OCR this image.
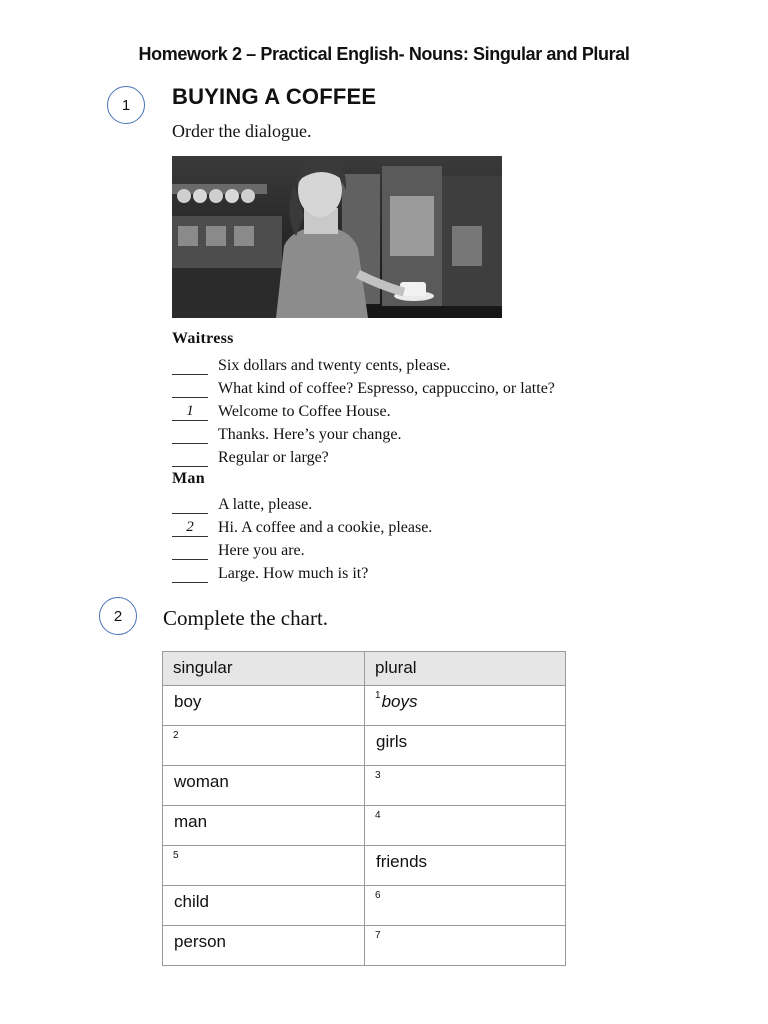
Homework 2 – Practical English- Nouns: Singular and Plural
1	BUYING A COFFEE
Order the dialogue.
Waitress
Six dollars and twenty cents, please.
What kind of coffee? Espresso, cappuccino, or latte?
1	Welcome to Coffee House.
Thanks. Here’s your change.
Regular or large?
Man
A latte, please.
2	Hi. A coffee and a cookie, please.
Here you are.
Large. How much is it?
2	Complete the chart.
singular	plural
boy	$^1$boys
$^2$	girls
woman	$^3$
man	$^4$
$^5$	friends
child	$^6$
person	$^7$
